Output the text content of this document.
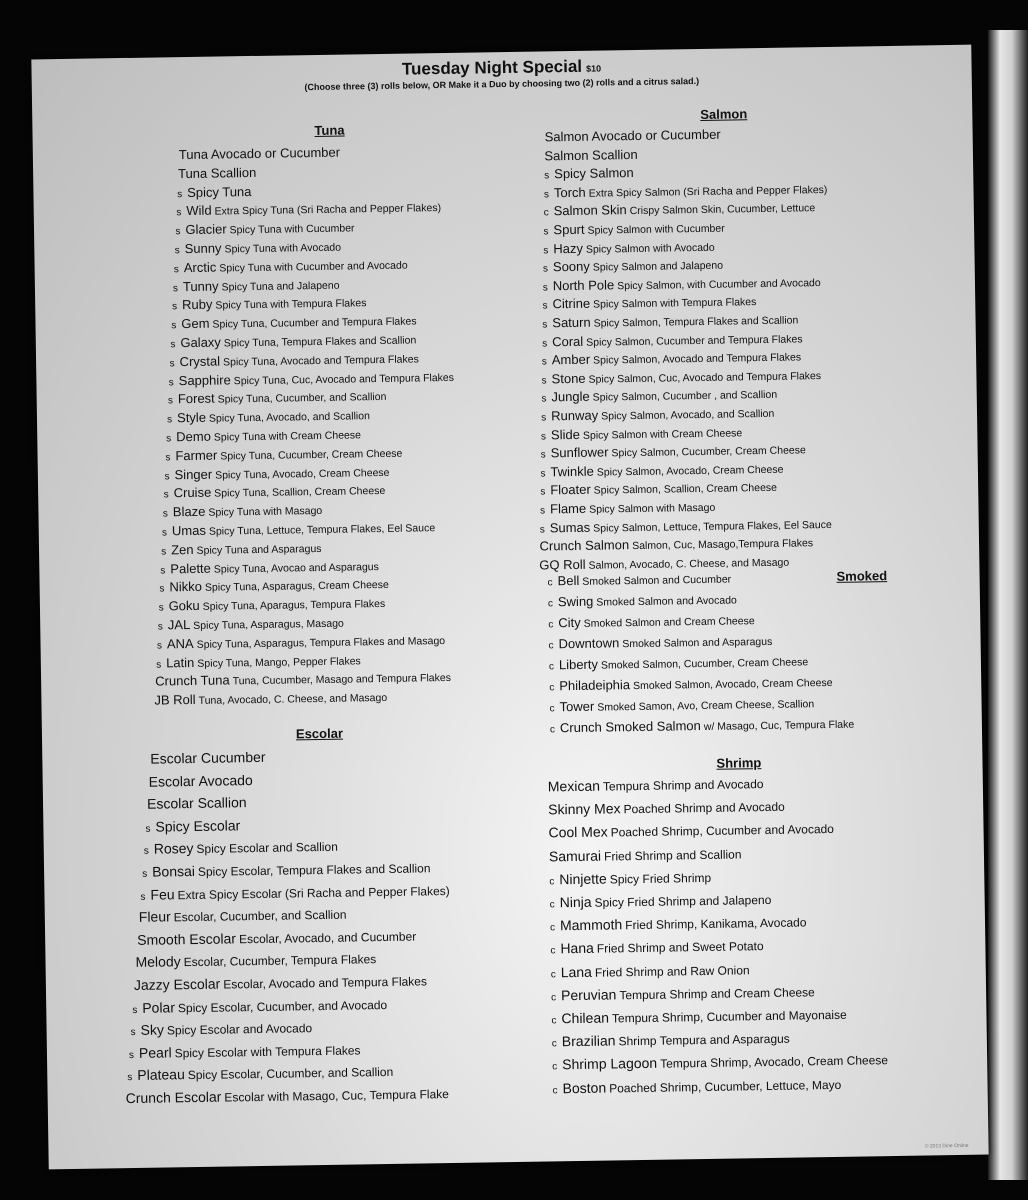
Tuesday Night Special $10
(Choose three (3) rolls below, OR Make it a Duo by choosing two (2) rolls and a citrus salad.)
© 2013 Dine Online
Tuna
Tuna Avocado or Cucumber
Tuna Scallion
s Spicy Tuna
s Wild Extra Spicy Tuna (Sri Racha and Pepper Flakes)
s Glacier Spicy Tuna with Cucumber
s Sunny Spicy Tuna with Avocado
s Arctic Spicy Tuna with Cucumber and Avocado
s Tunny Spicy Tuna and Jalapeno
s Ruby Spicy Tuna with Tempura Flakes
s Gem Spicy Tuna, Cucumber and Tempura Flakes
s Galaxy Spicy Tuna, Tempura Flakes and Scallion
s Crystal Spicy Tuna, Avocado and Tempura Flakes
s Sapphire Spicy Tuna, Cuc, Avocado and Tempura Flakes
s Forest Spicy Tuna, Cucumber, and Scallion
s Style Spicy Tuna, Avocado, and Scallion
s Demo Spicy Tuna with Cream Cheese
s Farmer Spicy Tuna, Cucumber, Cream Cheese
s Singer Spicy Tuna, Avocado, Cream Cheese
s Cruise Spicy Tuna, Scallion, Cream Cheese
s Blaze Spicy Tuna with Masago
s Umas Spicy Tuna, Lettuce, Tempura Flakes, Eel Sauce
s Zen Spicy Tuna and Asparagus
s Palette Spicy Tuna, Avocao and Asparagus
s Nikko Spicy Tuna, Asparagus, Cream Cheese
s Goku Spicy Tuna, Aparagus, Tempura Flakes
s JAL Spicy Tuna, Asparagus, Masago
s ANA Spicy Tuna, Asparagus, Tempura Flakes and Masago
s Latin Spicy Tuna, Mango, Pepper Flakes
Crunch Tuna Tuna, Cucumber, Masago and Tempura Flakes
JB Roll Tuna, Avocado, C. Cheese, and Masago
Escolar
Escolar Cucumber
Escolar Avocado
Escolar Scallion
s Spicy Escolar
s Rosey Spicy Escolar and Scallion
s Bonsai Spicy Escolar, Tempura Flakes and Scallion
s Feu Extra Spicy Escolar (Sri Racha and Pepper Flakes)
Fleur Escolar, Cucumber, and Scallion
Smooth Escolar Escolar, Avocado, and Cucumber
Melody Escolar, Cucumber, Tempura Flakes
Jazzy Escolar Escolar, Avocado and Tempura Flakes
s Polar Spicy Escolar, Cucumber, and Avocado
s Sky Spicy Escolar and Avocado
s Pearl Spicy Escolar with Tempura Flakes
s Plateau Spicy Escolar, Cucumber, and Scallion
Crunch Escolar Escolar with Masago, Cuc, Tempura Flake
Salmon
Salmon Avocado or Cucumber
Salmon Scallion
s Spicy Salmon
s Torch Extra Spicy Salmon (Sri Racha and Pepper Flakes)
c Salmon Skin Crispy Salmon Skin, Cucumber, Lettuce
s Spurt Spicy Salmon with Cucumber
s Hazy Spicy Salmon with Avocado
s Soony Spicy Salmon and Jalapeno
s North Pole Spicy Salmon, with Cucumber and Avocado
s Citrine Spicy Salmon with Tempura Flakes
s Saturn Spicy Salmon, Tempura Flakes and Scallion
s Coral Spicy Salmon, Cucumber and Tempura Flakes
s Amber Spicy Salmon, Avocado and Tempura Flakes
s Stone Spicy Salmon, Cuc, Avocado and Tempura Flakes
s Jungle Spicy Salmon, Cucumber , and Scallion
s Runway Spicy Salmon, Avocado, and Scallion
s Slide Spicy Salmon with Cream Cheese
s Sunflower Spicy Salmon, Cucumber, Cream Cheese
s Twinkle Spicy Salmon, Avocado, Cream Cheese
s Floater Spicy Salmon, Scallion, Cream Cheese
s Flame Spicy Salmon with Masago
s Sumas Spicy Salmon, Lettuce, Tempura Flakes, Eel Sauce
Crunch Salmon Salmon, Cuc, Masago,Tempura Flakes
GQ Roll Salmon, Avocado, C. Cheese, and Masago
Smoked
c Bell Smoked Salmon and Cucumber
c Swing Smoked Salmon and Avocado
c City Smoked Salmon and Cream Cheese
c Downtown Smoked Salmon and Asparagus
c Liberty Smoked Salmon, Cucumber, Cream Cheese
c Philadeiphia Smoked Salmon, Avocado, Cream Cheese
c Tower Smoked Samon, Avo, Cream Cheese, Scallion
c Crunch Smoked Salmon w/ Masago, Cuc, Tempura Flake
Shrimp
Mexican Tempura Shrimp and Avocado
Skinny Mex Poached Shrimp and Avocado
Cool Mex Poached Shrimp, Cucumber and Avocado
Samurai Fried Shrimp and Scallion
c Ninjette Spicy Fried Shrimp
c Ninja Spicy Fried Shrimp and Jalapeno
c Mammoth Fried Shrimp, Kanikama, Avocado
c Hana Fried Shrimp and Sweet Potato
c Lana Fried Shrimp and Raw Onion
c Peruvian Tempura Shrimp and Cream Cheese
c Chilean Tempura Shrimp, Cucumber and Mayonaise
c Brazilian Shrimp Tempura and Asparagus
c Shrimp Lagoon Tempura Shrimp, Avocado, Cream Cheese
c Boston Poached Shrimp, Cucumber, Lettuce, Mayo
